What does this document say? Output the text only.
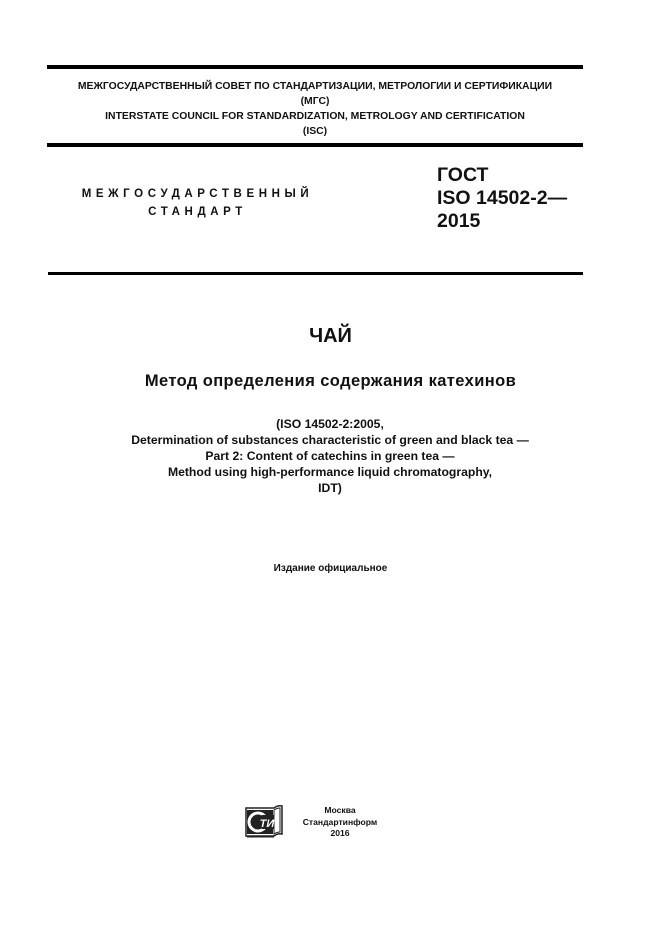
МЕЖГОСУДАРСТВЕННЫЙ СОВЕТ ПО СТАНДАРТИЗАЦИИ, МЕТРОЛОГИИ И СЕРТИФИКАЦИИ
(МГС)
INTERSTATE COUNCIL FOR STANDARDIZATION, METROLOGY AND CERTIFICATION
(ISC)
МЕЖГОСУДАРСТВЕННЫЙ
СТАНДАРТ
ГОСТ
ISO 14502-2—
2015
ЧАЙ
Метод определения содержания катехинов
(ISO 14502-2:2005,
Determination of substances characteristic of green and black tea —
Part 2: Content of catechins in green tea —
Method using high-performance liquid chromatography,
IDT)
Издание официальное
ТИ
Москва
Стандартинформ
2016
